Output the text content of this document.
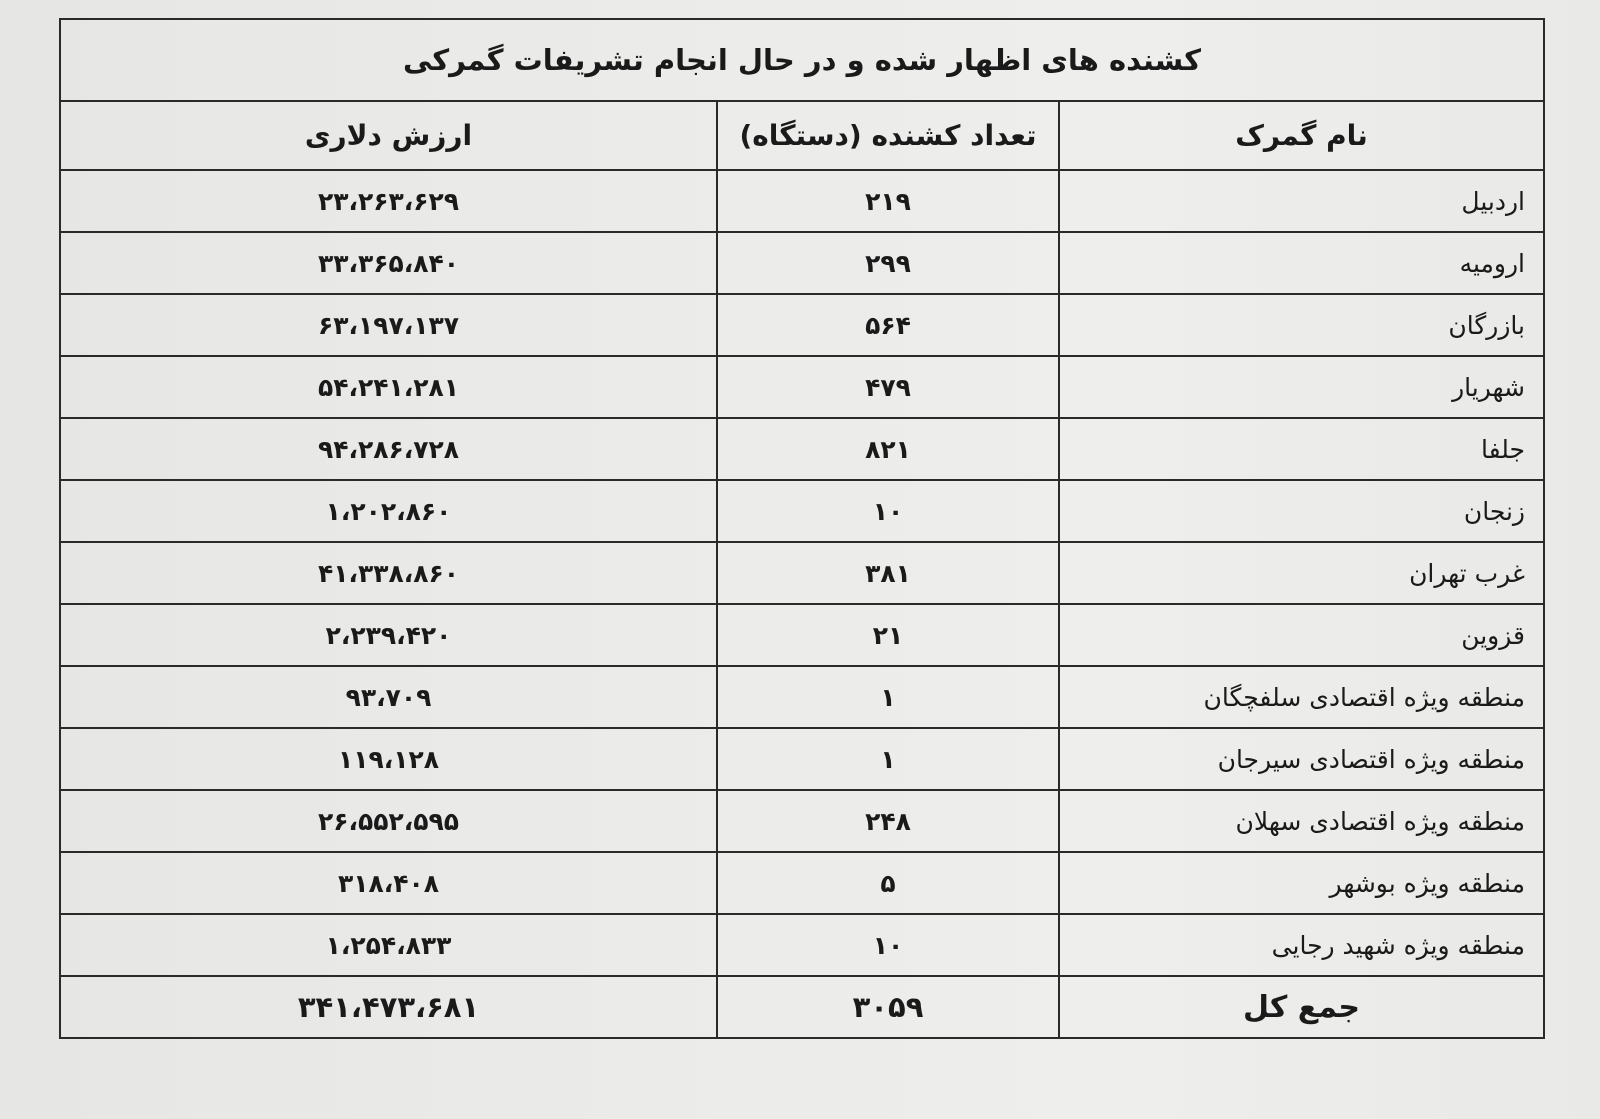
کشنده های اظهار شده و در حال انجام تشریفات گمرکی		
نام گمرک	تعداد کشنده (دستگاه)	ارزش دلاری
اردبیل	۲۱۹	۲۳،۲۶۳،۶۲۹
ارومیه	۲۹۹	۳۳،۳۶۵،۸۴۰
بازرگان	۵۶۴	۶۳،۱۹۷،۱۳۷
شهریار	۴۷۹	۵۴،۲۴۱،۲۸۱
جلفا	۸۲۱	۹۴،۲۸۶،۷۲۸
زنجان	۱۰	۱،۲۰۲،۸۶۰
غرب تهران	۳۸۱	۴۱،۳۳۸،۸۶۰
قزوین	۲۱	۲،۲۳۹،۴۲۰
منطقه ویژه اقتصادی سلفچگان	۱	۹۳،۷۰۹
منطقه ویژه اقتصادی سیرجان	۱	۱۱۹،۱۲۸
منطقه ویژه اقتصادی سهلان	۲۴۸	۲۶،۵۵۲،۵۹۵
منطقه ویژه بوشهر	۵	۳۱۸،۴۰۸
منطقه ویژه شهید رجایی	۱۰	۱،۲۵۴،۸۳۳
جمع کل	۳۰۵۹	۳۴۱،۴۷۳،۶۸۱
